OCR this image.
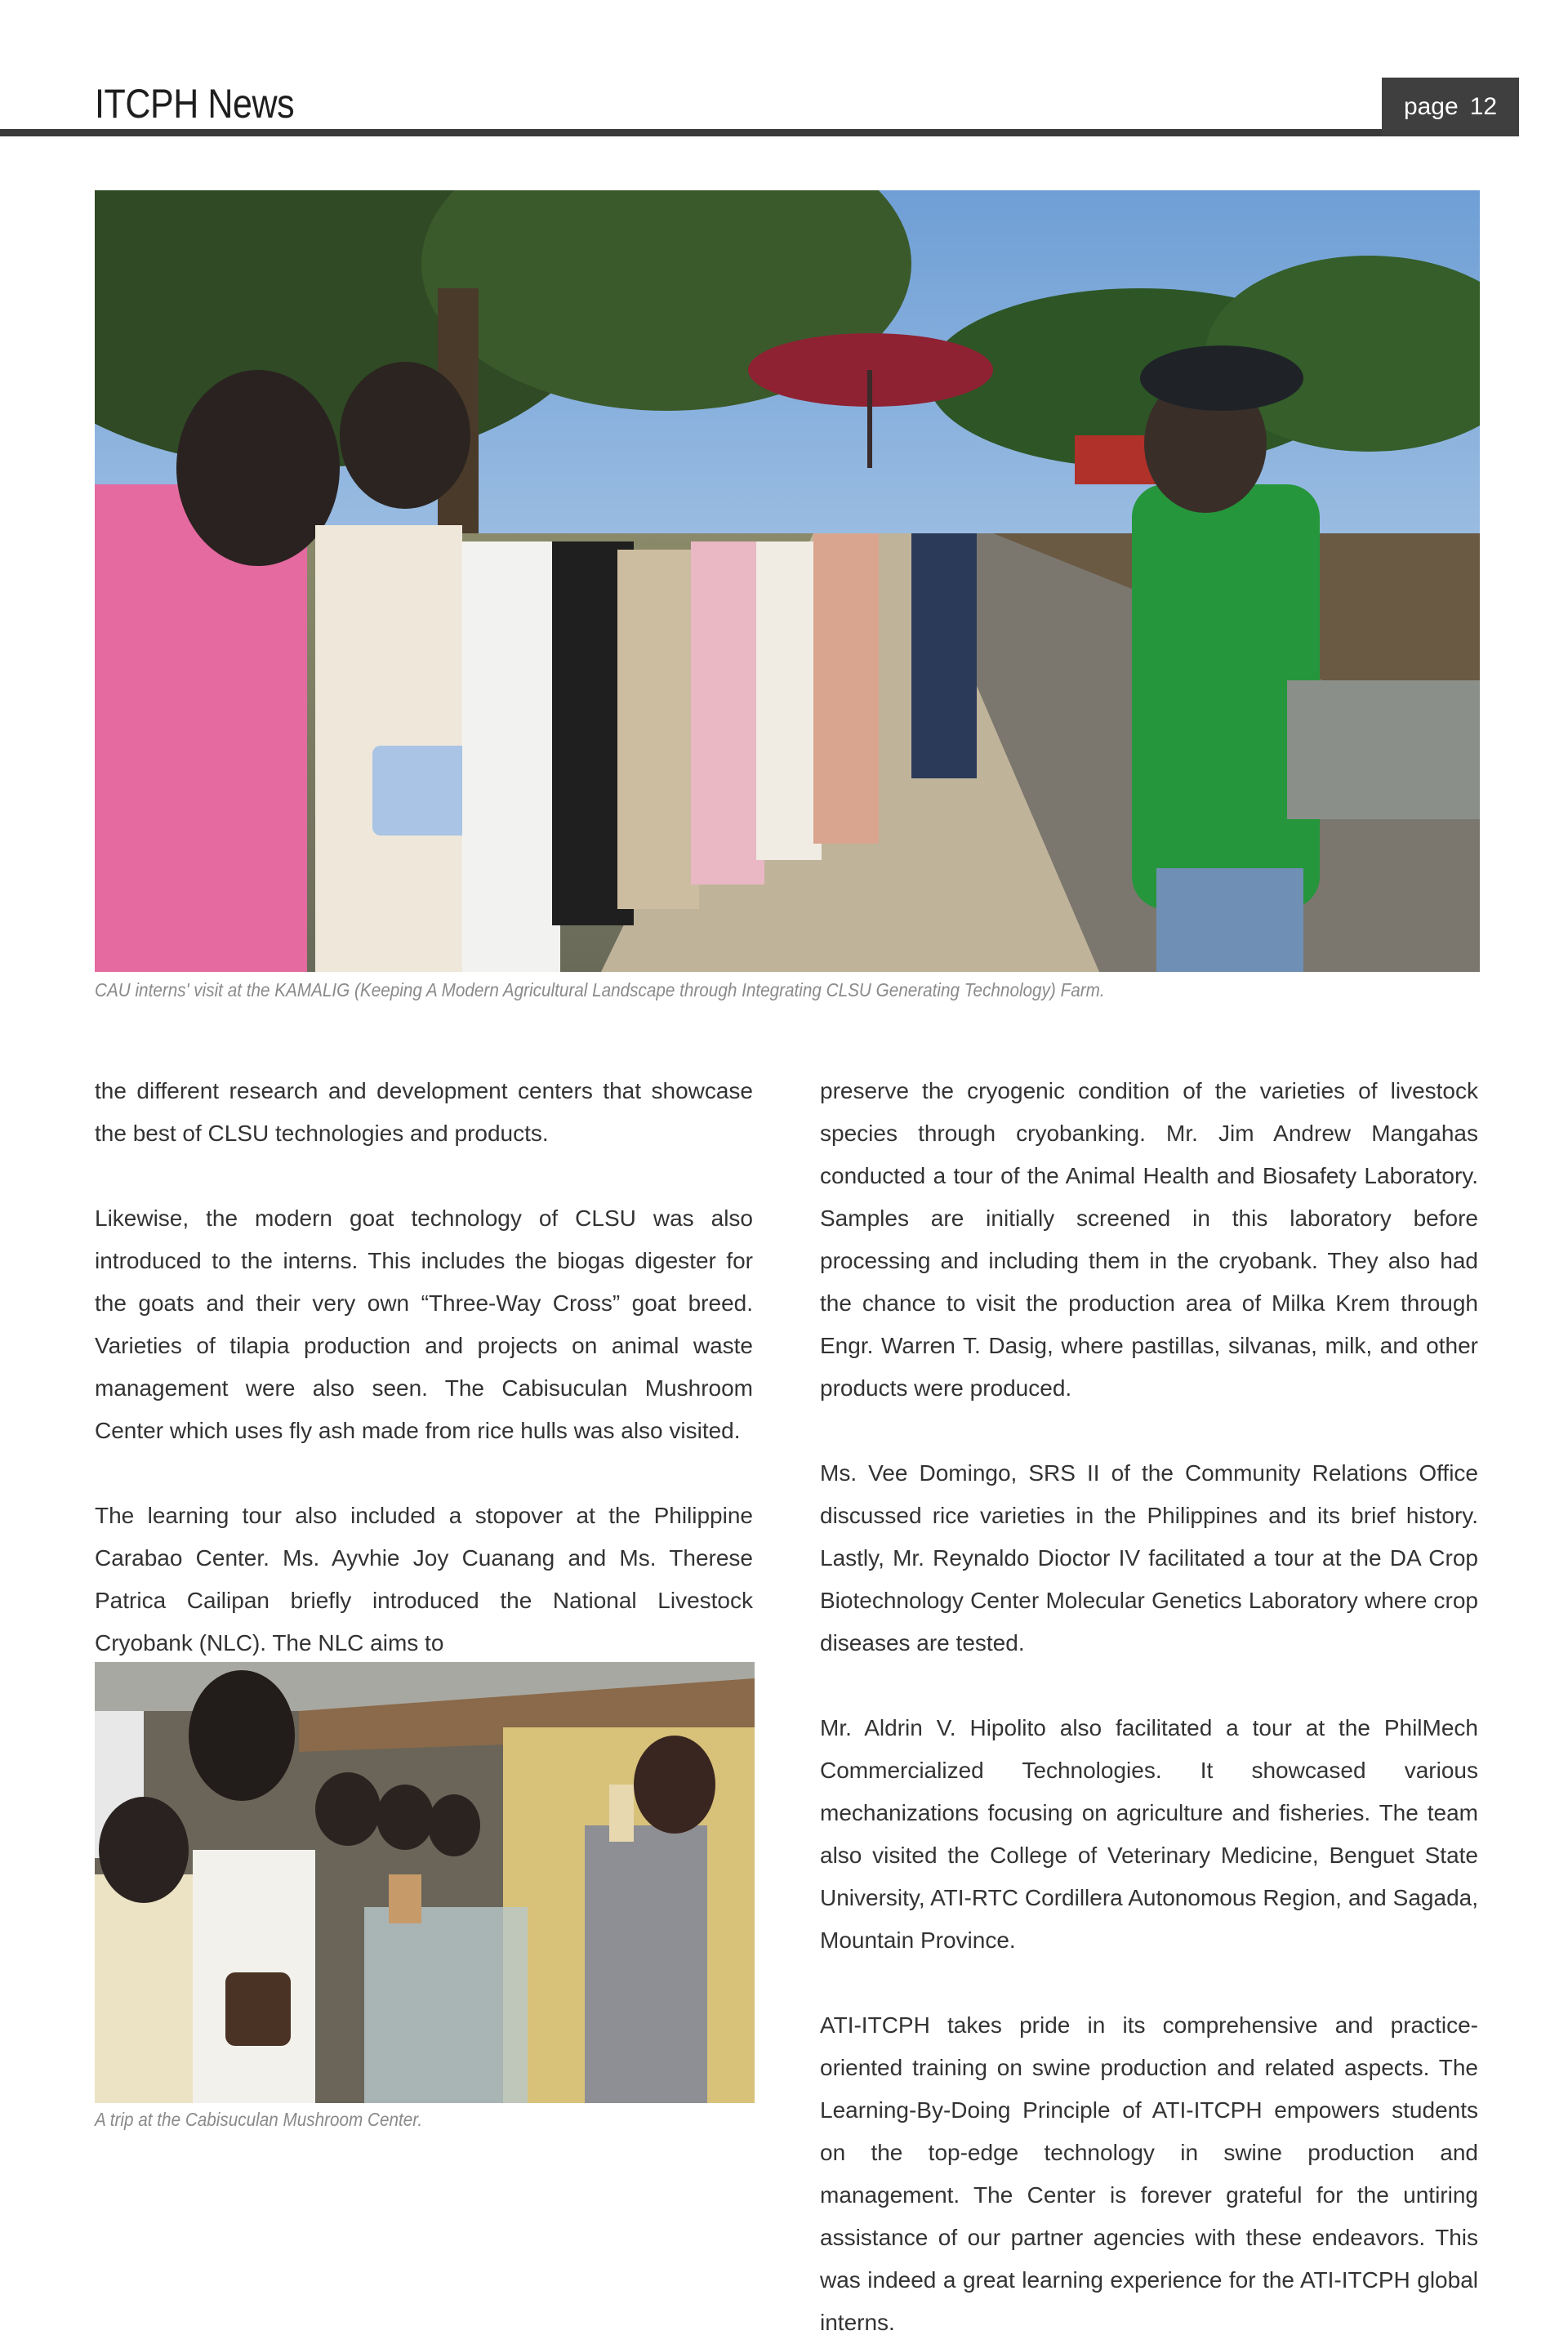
ITCPH News	page 12
CAU interns' visit at the KAMALIG (Keeping A Modern Agricultural Landscape through Integrating CLSU Generating Technology) Farm.

the different research and development centers that showcase the best of CLSU technologies and products.

Likewise, the modern goat technology of CLSU was also introduced to the interns. This includes the biogas digester for the goats and their very own “Three-Way Cross” goat breed. Varieties of tilapia production and projects on animal waste management were also seen. The Cabisuculan Mushroom Center which uses fly ash made from rice hulls was also visited.

The learning tour also included a stopover at the Philippine Carabao Center. Ms. Ayvhie Joy Cuanang and Ms. Therese Patrica Cailipan briefly introduced the National Livestock Cryobank (NLC). The NLC aims to

A trip at the Cabisuculan Mushroom Center.

preserve the cryogenic condition of the varieties of livestock species through cryobanking. Mr. Jim Andrew Mangahas conducted a tour of the Animal Health and Biosafety Laboratory. Samples are initially screened in this laboratory before processing and including them in the cryobank. They also had the chance to visit the production area of Milka Krem through Engr. Warren T. Dasig, where pastillas, silvanas, milk, and other products were produced.

Ms. Vee Domingo, SRS II of the Community Relations Office discussed rice varieties in the Philippines and its brief history. Lastly, Mr. Reynaldo Dioctor IV facilitated a tour at the DA Crop Biotechnology Center Molecular Genetics Laboratory where crop diseases are tested.

Mr. Aldrin V. Hipolito also facilitated a tour at the PhilMech Commercialized Technologies. It showcased various mechanizations focusing on agriculture and fisheries. The team also visited the College of Veterinary Medicine, Benguet State University, ATI-RTC Cordillera Autonomous Region, and Sagada, Mountain Province.

ATI-ITCPH takes pride in its comprehensive and practice-oriented training on swine production and related aspects. The Learning-By-Doing Principle of ATI-ITCPH empowers students on the top-edge technology in swine production and management. The Center is forever grateful for the untiring assistance of our partner agencies with these endeavors. This was indeed a great learning experience for the ATI-ITCPH global interns.
